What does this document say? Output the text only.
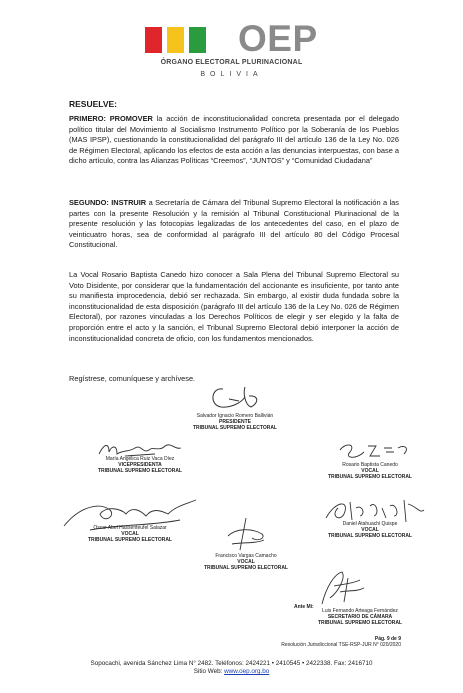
OEP
ÓRGANO ELECTORAL PLURINACIONAL
BOLIVIA
RESUELVE:
PRIMERO: PROMOVER la acción de inconstitucionalidad concreta presentada por el delegado político titular del Movimiento al Socialismo Instrumento Político por la Soberanía de los Pueblos (MAS IPSP), cuestionando la constitucionalidad del parágrafo III del artículo 136 de la Ley No. 026 de Régimen Electoral, aplicando los efectos de esta acción a las denuncias interpuestas, con base a dicho artículo, contra las Alianzas Políticas “Creemos”, “JUNTOS” y “Comunidad Ciudadana”
SEGUNDO: INSTRUIR a Secretaría de Cámara del Tribunal Supremo Electoral la notificación a las partes con la presente Resolución y la remisión al Tribunal Constitucional Plurinacional de la presente resolución y las fotocopias legalizadas de los antecedentes del caso, en el plazo de veinticuatro horas, sea de conformidad al parágrafo III del artículo 80 del Código Procesal Constitucional.
La Vocal Rosario Baptista Canedo hizo conocer a Sala Plena del Tribunal Supremo Electoral su Voto Disidente, por considerar que la fundamentación del accionante es insuficiente, por tanto ante su manifiesta improcedencia, debió ser rechazada. Sin embargo, al existir duda fundada sobre la inconstitucionalidad de esta disposición (parágrafo III del artículo 136 de la Ley No. 026 de Régimen Electoral), por razones vinculadas a los Derechos Políticos de elegir y ser elegido y la falta de proporción entre el acto y la sanción, el Tribunal Supremo Electoral debió interponer la acción de inconstitucionalidad concreta de oficio, con los fundamentos mencionados.
Regístrese, comuníquese y archívese.
Salvador Ignacio Romero Ballivián
PRESIDENTE
TRIBUNAL SUPREMO ELECTORAL
María Angélica Ruiz Vaca Díez
VICEPRESIDENTA
TRIBUNAL SUPREMO ELECTORAL
Rosario Baptista Canedo
VOCAL
TRIBUNAL SUPREMO ELECTORAL
Oscar Abel Hassenteufel Salazar
VOCAL
TRIBUNAL SUPREMO ELECTORAL
Daniel Atahuachi Quispe
VOCAL
TRIBUNAL SUPREMO ELECTORAL
Francisco Vargas Camacho
VOCAL
TRIBUNAL SUPREMO ELECTORAL
Ante Mí:
Luis Fernando Arteaga Fernández
SECRETARIO DE CÁMARA
TRIBUNAL SUPREMO ELECTORAL
Pág. 9 de 9
Resolución Jurisdiccional TSE-RSP-JUR N° 020/2020
Sopocachi, avenida Sánchez Lima N° 2482. Teléfonos: 2424221 • 2410545 • 2422338. Fax: 2416710
Sitio Web: www.oep.org.bo
